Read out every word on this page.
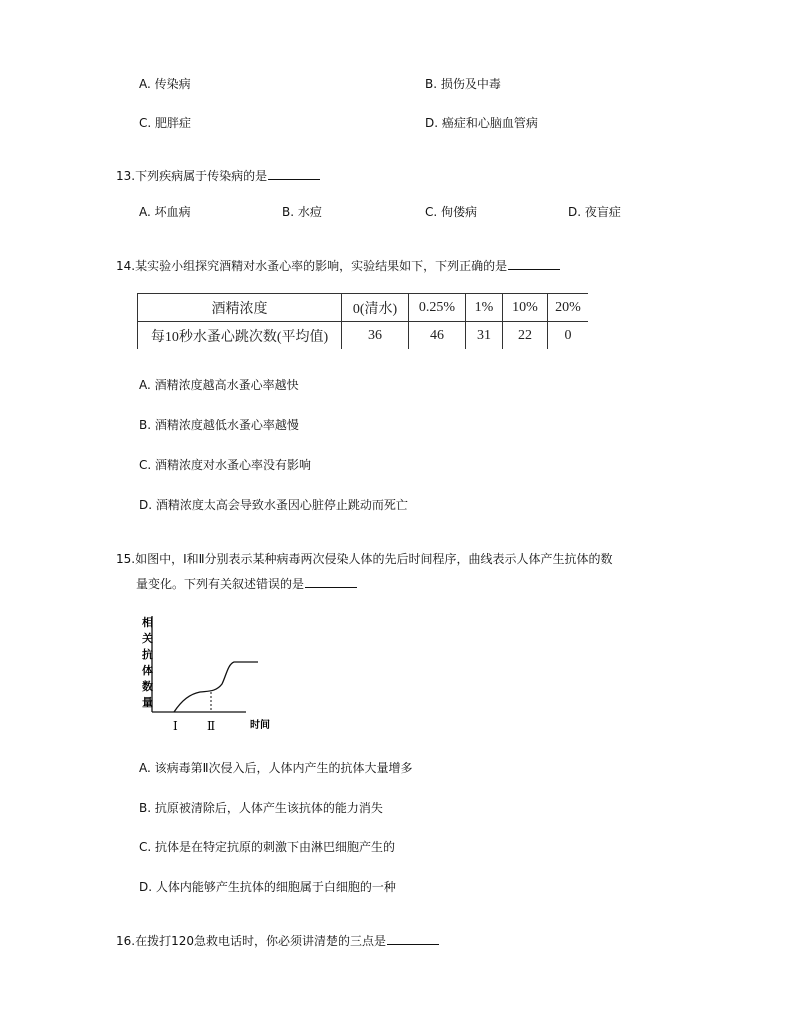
A. 传染病	B. 损伤及中毒
C. 肥胖症	D. 癌症和心脑血管病
13.下列疾病属于传染病的是
A. 坏血病	B. 水痘	C. 佝偻病	D. 夜盲症
14.某实验小组探究酒精对水蚤心率的影响，实验结果如下，下列正确的是
酒精浓度	0(清水)	0.25%	1%	10%	20%
每10秒水蚤心跳次数(平均值)	36	46	31	22	0
A. 酒精浓度越高水蚤心率越快
B. 酒精浓度越低水蚤心率越慢
C. 酒精浓度对水蚤心率没有影响
D. 酒精浓度太高会导致水蚤因心脏停止跳动而死亡
15.如图中，Ⅰ和Ⅱ分别表示某种病毒两次侵染人体的先后时间程序，曲线表示人体产生抗体的数
量变化。下列有关叙述错误的是
相
关
抗
体
数
量
Ⅰ Ⅱ	时间
A. 该病毒第Ⅱ次侵入后，人体内产生的抗体大量增多
B. 抗原被清除后，人体产生该抗体的能力消失
C. 抗体是在特定抗原的刺激下由淋巴细胞产生的
D. 人体内能够产生抗体的细胞属于白细胞的一种
16.在拨打120急救电话时，你必须讲清楚的三点是
